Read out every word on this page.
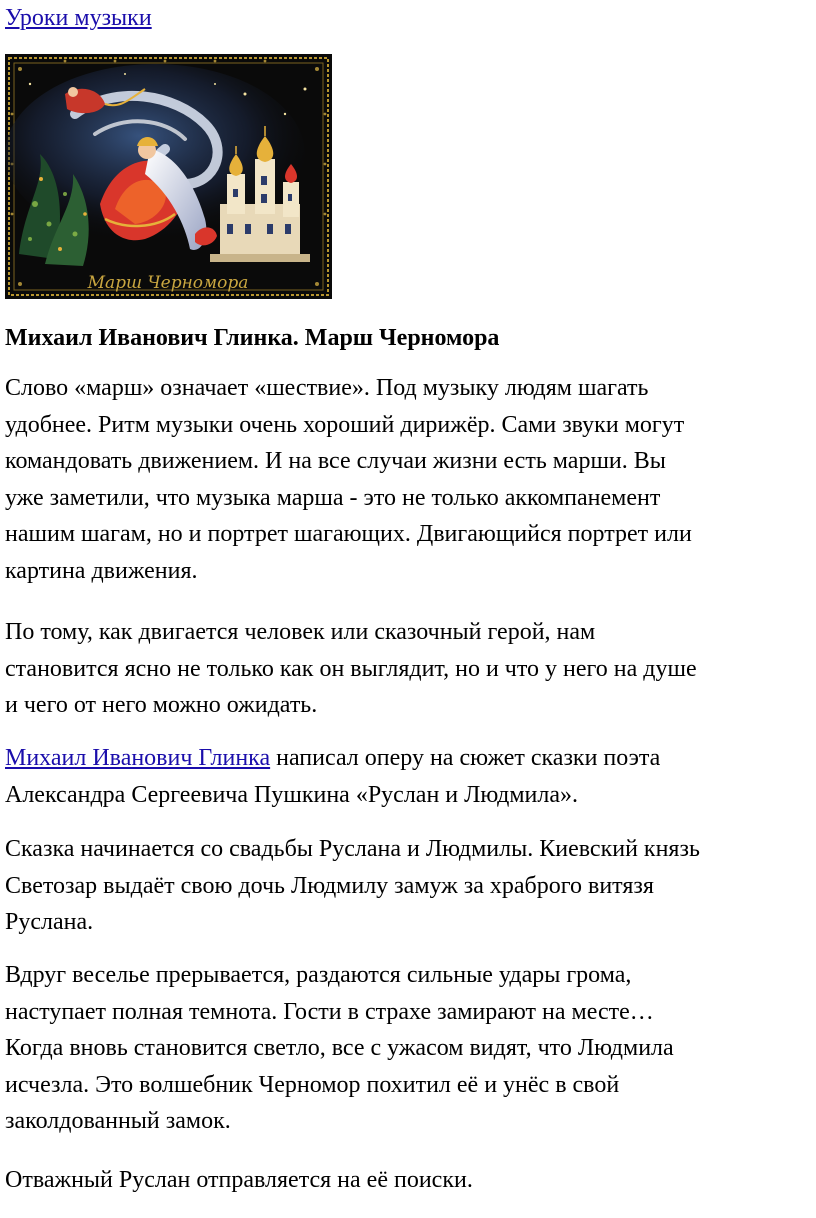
Уроки музыки
Марш Черномора
Михаил Иванович Глинка. Марш Черномора

Слово «марш» означает «шествие». Под музыку людям шагать
удобнее. Ритм музыки очень хороший дирижёр. Сами звуки могут
командовать движением. И на все случаи жизни есть марши. Вы
уже заметили, что музыка марша - это не только аккомпанемент
нашим шагам, но и портрет шагающих. Двигающийся портрет или
картина движения.

По тому, как двигается человек или сказочный герой, нам
становится ясно не только как он выглядит, но и что у него на душе
и чего от него можно ожидать.

Михаил Иванович Глинка написал оперу на сюжет сказки поэта
Александра Сергеевича Пушкина «Руслан и Людмила».

Сказка начинается со свадьбы Руслана и Людмилы. Киевский князь
Светозар выдаёт свою дочь Людмилу замуж за храброго витязя
Руслана.

Вдруг веселье прерывается, раздаются сильные удары грома,
наступает полная темнота. Гости в страхе замирают на месте…
Когда вновь становится светло, все с ужасом видят, что Людмила
исчезла. Это волшебник Черномор похитил её и унёс в свой
заколдованный замок.

Отважный Руслан отправляется на её поиски.
